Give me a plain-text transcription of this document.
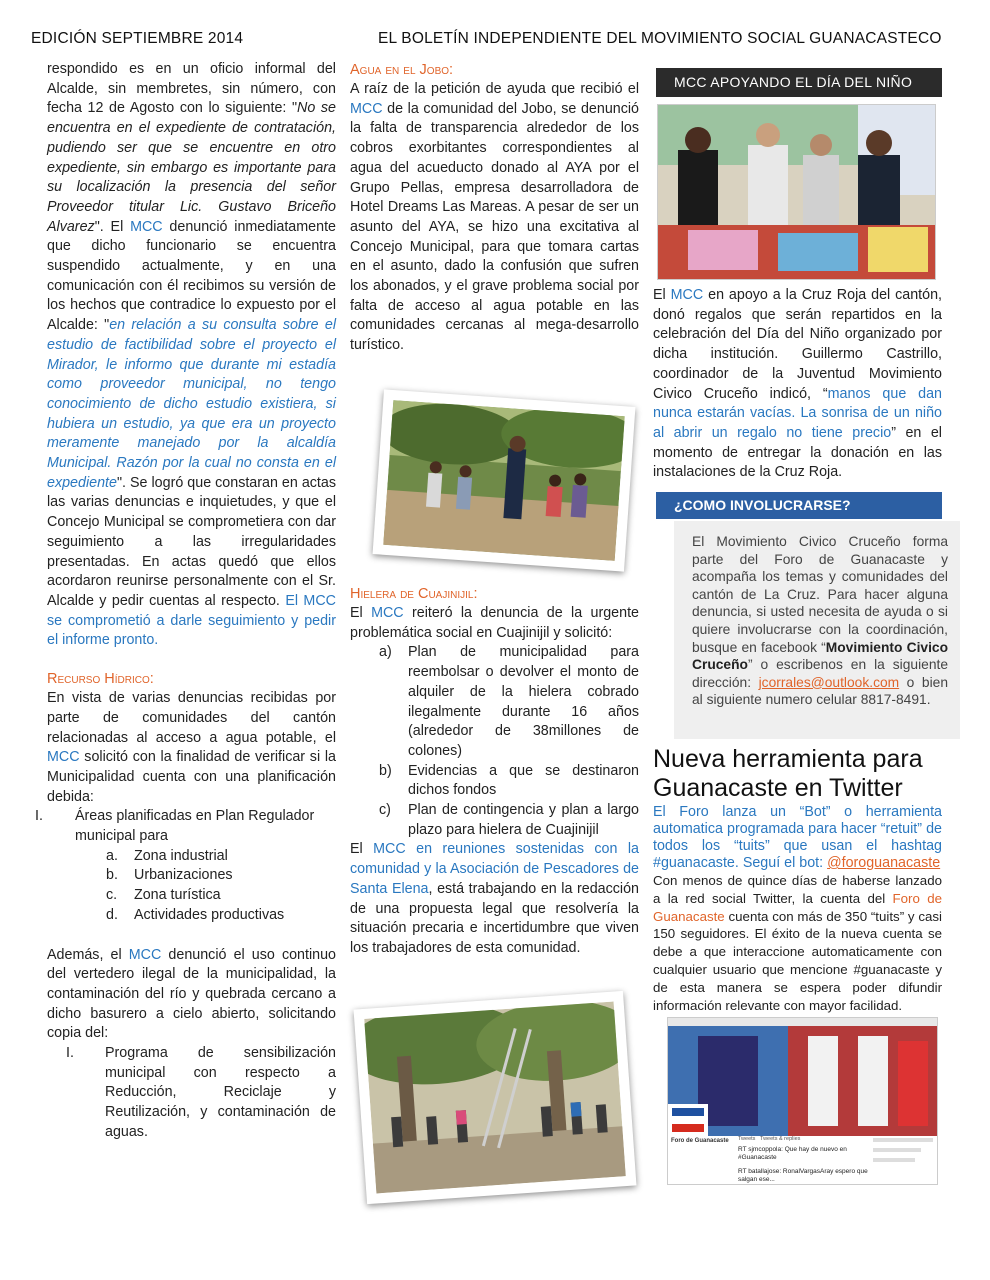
EDICIÓN SEPTIEMBRE 2014	EL BOLETÍN INDEPENDIENTE DEL MOVIMIENTO SOCIAL GUANACASTECO

respondido es en un oficio informal del Alcalde, sin membretes, sin número, con fecha 12 de Agosto con lo siguiente: "No se encuentra en el expediente de contratación, pudiendo ser que se encuentre en otro expediente, sin embargo es importante para su localización la presencia del señor Proveedor titular Lic. Gustavo Briceño Alvarez". El MCC denunció inmediatamente que dicho funcionario se encuentra suspendido actualmente, y en una comunicación con él recibimos su versión de los hechos que contradice lo expuesto por el Alcalde: "en relación a su consulta sobre el estudio de factibilidad sobre el proyecto el Mirador, le informo que durante mi estadía como proveedor municipal, no tengo conocimiento de dicho estudio existiera, si hubiera un estudio, ya que era un proyecto meramente manejado por la alcaldía Municipal. Razón por la cual no consta en el expediente". Se logró que constaran en actas las varias denuncias e inquietudes, y que el Concejo Municipal se comprometiera con dar seguimiento a las irregularidades presentadas. En actas quedó que ellos acordaron reunirse personalmente con el Sr. Alcalde y pedir cuentas al respecto. El MCC se comprometió a darle seguimiento y pedir el informe pronto.

Recurso Hídrico:

En vista de varias denuncias recibidas por parte de comunidades del cantón relacionadas al acceso a agua potable, el MCC solicitó con la finalidad de verificar si la Municipalidad cuenta con una planificación debida:

I.	Áreas planificadas en Plan Regulador municipal para
a.	Zona industrial
b.	Urbanizaciones
c.	Zona turística
d.	Actividades productivas

Además, el MCC denunció el uso continuo del vertedero ilegal de la municipalidad, la contaminación del río y quebrada cercano a dicho basurero a cielo abierto, solicitando copia del:

I.	Programa de sensibilización municipal con respecto a Reducción, Reciclaje y Reutilización, y contaminación de aguas.

Agua en el Jobo:

A raíz de la petición de ayuda que recibió el MCC de la comunidad del Jobo, se denunció la falta de transparencia alrededor de los cobros exorbitantes correspondientes al agua del acueducto donado al AYA por el Grupo Pellas, empresa desarrolladora de Hotel Dreams Las Mareas. A pesar de ser un asunto del AYA, se hizo una excitativa al Concejo Municipal, para que tomara cartas en el asunto, dado la confusión que sufren los abonados, y el grave problema social por falta de acceso al agua potable en las comunidades cercanas al mega-desarrollo turístico.

Hielera de Cuajinijil:

El MCC reiteró la denuncia de la urgente problemática social en Cuajinijil y solicitó:

a)	Plan de municipalidad para reembolsar o devolver el monto de alquiler de la hielera cobrado ilegalmente durante 16 años (alrededor de 38millones de colones)
b)	Evidencias a que se destinaron dichos fondos
c)	Plan de contingencia y plan a largo plazo para hielera de Cuajinijil

El MCC en reuniones sostenidas con la comunidad y la Asociación de Pescadores de Santa Elena, está trabajando en la redacción de una propuesta legal que resolvería la situación precaria e incertidumbre que viven los trabajadores de esta comunidad.

MCC APOYANDO EL DÍA DEL NIÑO

El MCC en apoyo a la Cruz Roja del cantón, donó regalos que serán repartidos en la celebración del Día del Niño organizado por dicha institución. Guillermo Castrillo, coordinador de la Juventud Movimiento Civico Cruceño indicó, “manos que dan nunca estarán vacías. La sonrisa de un niño al abrir un regalo no tiene precio” en el momento de entregar la donación en las instalaciones de la Cruz Roja.

¿COMO INVOLUCRARSE?
El Movimiento Civico Cruceño forma parte del Foro de Guanacaste y acompaña los temas y comunidades del cantón de La Cruz. Para hacer alguna denuncia, si usted necesita de ayuda o si quiere involucrarse con la coordinación, busque en facebook “Movimiento Civico Cruceño” o escribenos en la siguiente dirección: jcorrales@outlook.com o bien al siguiente numero celular 8817-8491.
Nueva herramienta para Guanacaste en Twitter

El Foro lanza un “Bot” o herramienta automatica programada para hacer “retuit” de todos los “tuits” que usan el hashtag #guanacaste. Seguí el bot: @foroguanacaste

Con menos de quince días de haberse lanzado a la red social Twitter, la cuenta del Foro de Guanacaste cuenta con más de 350 “tuits” y casi 150 seguidores. El éxito de la nueva cuenta se debe a que interaccione automaticamente con cualquier usuario que mencione #guanacaste y de esta manera se espera poder difundir información relevante con mayor facilidad.

Foro de Guanacaste	Tweets Tweets & replies
RT sjmcoppola: Que hay de nuevo en #Guanacaste
RT batallajose: RonalVargasAray espero que salgan ese...
